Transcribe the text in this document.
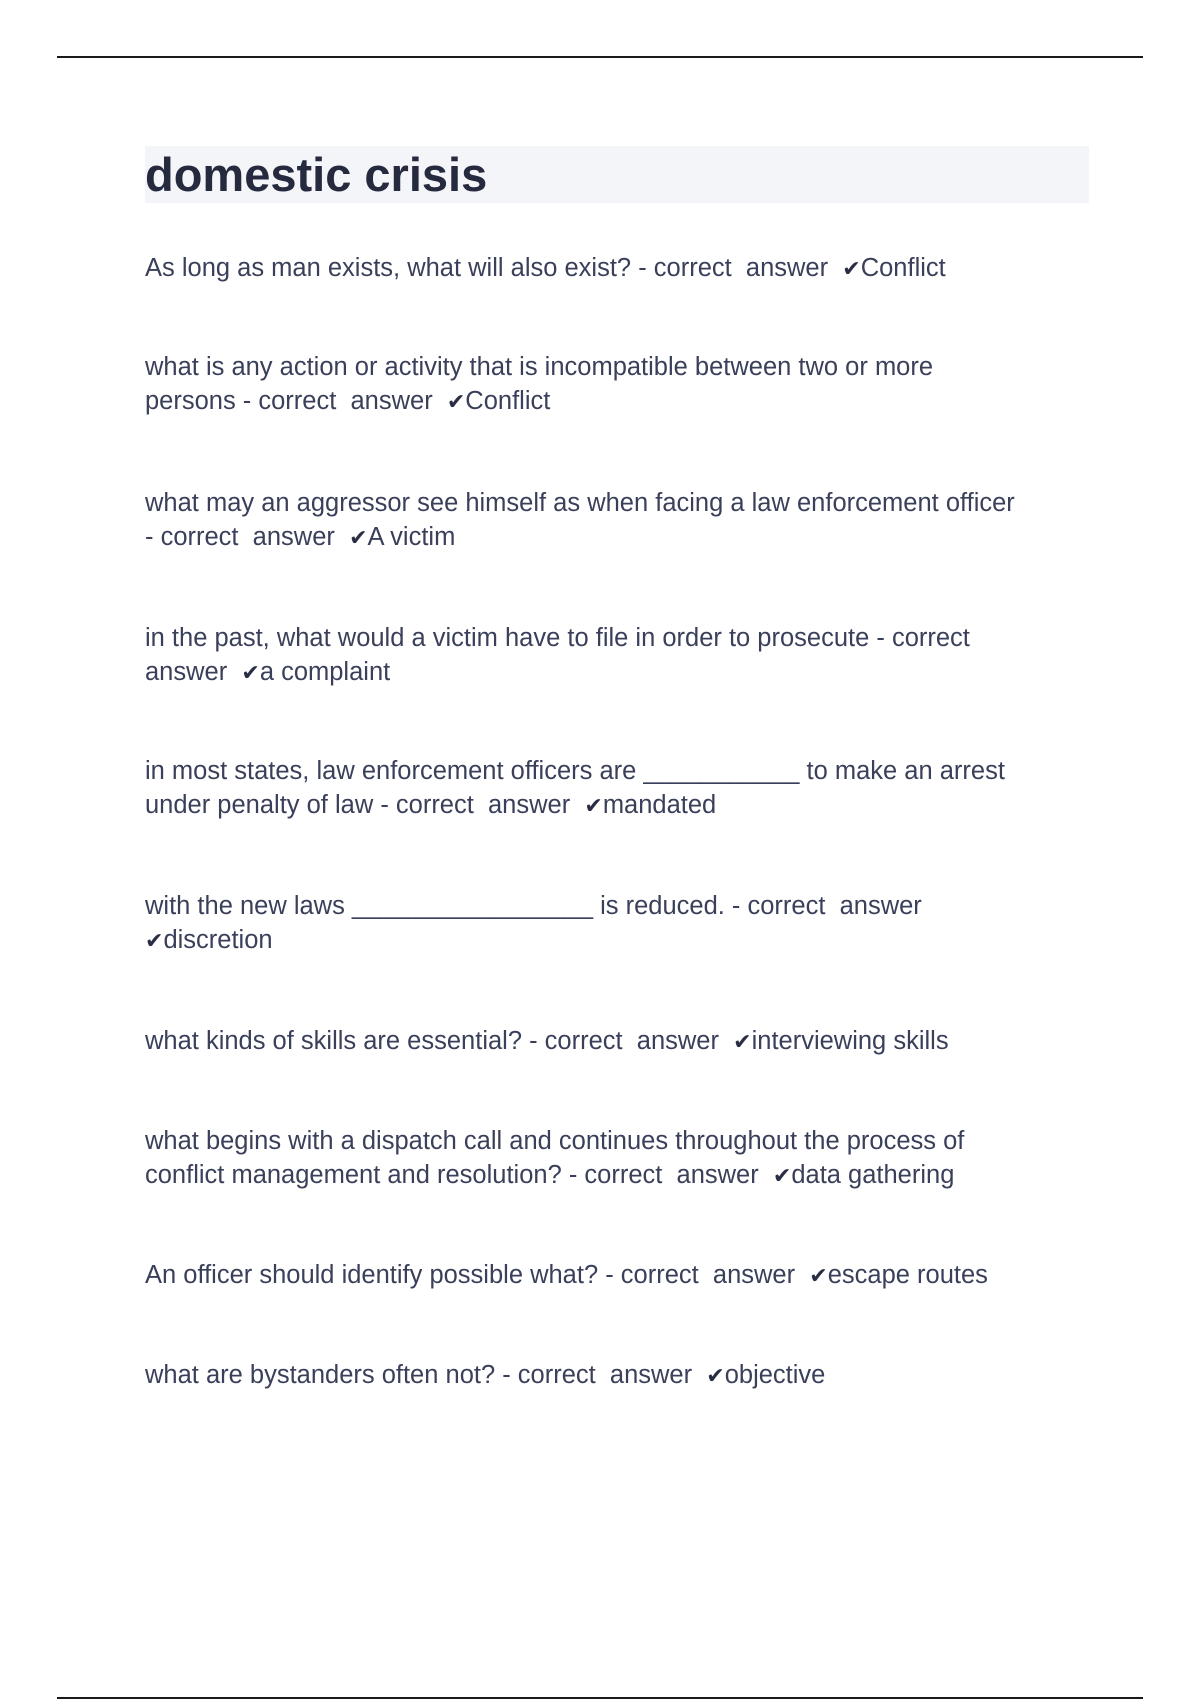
domestic crisis

As long as man exists, what will also exist? - correct  answer  ✔Conflict

what is any action or activity that is incompatible between two or more
persons - correct  answer  ✔Conflict

what may an aggressor see himself as when facing a law enforcement officer
- correct  answer  ✔A victim

in the past, what would a victim have to file in order to prosecute - correct
answer  ✔a complaint

in most states, law enforcement officers are ___________ to make an arrest
under penalty of law - correct  answer  ✔mandated

with the new laws _________________ is reduced. - correct  answer
✔discretion

what kinds of skills are essential? - correct  answer  ✔interviewing skills

what begins with a dispatch call and continues throughout the process of
conflict management and resolution? - correct  answer  ✔data gathering

An officer should identify possible what? - correct  answer  ✔escape routes

what are bystanders often not? - correct  answer  ✔objective
